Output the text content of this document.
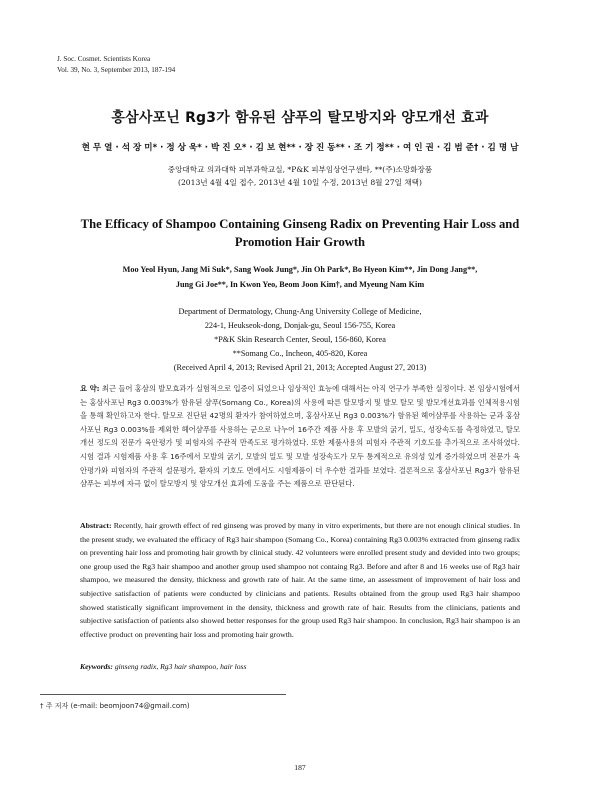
J. Soc. Cosmet. Scientists Korea
Vol. 39, No. 3, September 2013, 187-194
홍삼사포닌 Rg3가 함유된 샴푸의 탈모방지와 양모개선 효과
현 무 열 · 석 장 미* · 정 상 욱* · 박 진 오* · 김 보 현** · 장 진 동** · 조 기 정** · 여 인 권 · 김 범 준† · 김 명 남
중앙대학교 의과대학 피부과학교실, *P&K 피부임상연구센타, **(주)소망화장품
(2013년 4월 4일 접수, 2013년 4월 10일 수정, 2013년 8월 27일 채택)
The Efficacy of Shampoo Containing Ginseng Radix on Preventing Hair Loss and Promotion Hair Growth
Moo Yeol Hyun, Jang Mi Suk*, Sang Wook Jung*, Jin Oh Park*, Bo Hyeon Kim**, Jin Dong Jang**,
Jung Gi Joe**, In Kwon Yeo, Beom Joon Kim†, and Myeung Nam Kim
Department of Dermatology, Chung-Ang University College of Medicine,
224-1, Heukseok-dong, Donjak-gu, Seoul 156-755, Korea
*P&K Skin Research Center, Seoul, 156-860, Korea
**Somang Co., Incheon, 405-820, Korea
(Received April 4, 2013; Revised April 21, 2013; Accepted August 27, 2013)
요 약: 최근 들어 홍삼의 발모효과가 실험적으로 입증이 되었으나 임상적인 효능에 대해서는 아직 연구가 부족한 실정이다. 본 임상시험에서는 홍삼사포닌 Rg3 0.003%가 함유된 샴푸(Somang Co., Korea)의 사용에 따른 탈모방지 및 발모 탈모 및 발모개선효과를 인체적용시험을 통해 확인하고자 한다. 탈모로 진단된 42명의 환자가 참여하였으며, 홍삼사포닌 Rg3 0.003%가 함유된 헤어샴푸를 사용하는 군과 홍삼사포닌 Rg3 0.003%를 제외한 헤어샴푸를 사용하는 군으로 나누어 16주간 제품 사용 후 모발의 굵기, 밀도, 성장속도를 측정하였고, 탈모 개선 정도의 전문가 육안평가 및 피험자의 주관적 만족도로 평가하였다. 또한 제품사용의 피험자 주관적 기호도를 추가적으로 조사하였다. 시험 결과 시험제품 사용 후 16주에서 모발의 굵기, 모발의 밀도 및 모발 성장속도가 모두 통계적으로 유의성 있게 증가하였으며 전문가 육안평가와 피험자의 주관적 설문평가, 환자의 기호도 면에서도 시험제품이 더 우수한 결과를 보였다. 결론적으로 홍삼사포닌 Rg3가 함유된 샴푸는 피부에 자극 없이 탈모방지 및 양모개선 효과에 도움을 주는 제품으로 판단된다.
Abstract: Recently, hair growth effect of red ginseng was proved by many in vitro experiments, but there are not enough clinical studies. In the present study, we evaluated the efficacy of Rg3 hair shampoo (Somang Co., Korea) containing Rg3 0.003% extracted from ginseng radix on preventing hair loss and promoting hair growth by clinical study. 42 volunteers were enrolled present study and devided into two groups; one group used the Rg3 hair shampoo and another group used shampoo not containg Rg3. Before and after 8 and 16 weeks use of Rg3 hair shampoo, we measured the density, thickness and growth rate of hair. At the same time, an assessment of improvement of hair loss and subjective satisfaction of patients were conducted by clinicians and patients. Results obtained from the group used Rg3 hair shampoo showed statistically significant improvement in the density, thickness and growth rate of hair. Results from the clinicians, patients and subjective satisfaction of patients also showed better responses for the group used Rg3 hair shampoo. In conclusion, Rg3 hair shampoo is an effective product on preventing hair loss and promoting hair growth.
Keywords: ginseng radix, Rg3 hair shampoo, hair loss
† 주 저자 (e-mail: beomjoon74@gmail.com)
187
